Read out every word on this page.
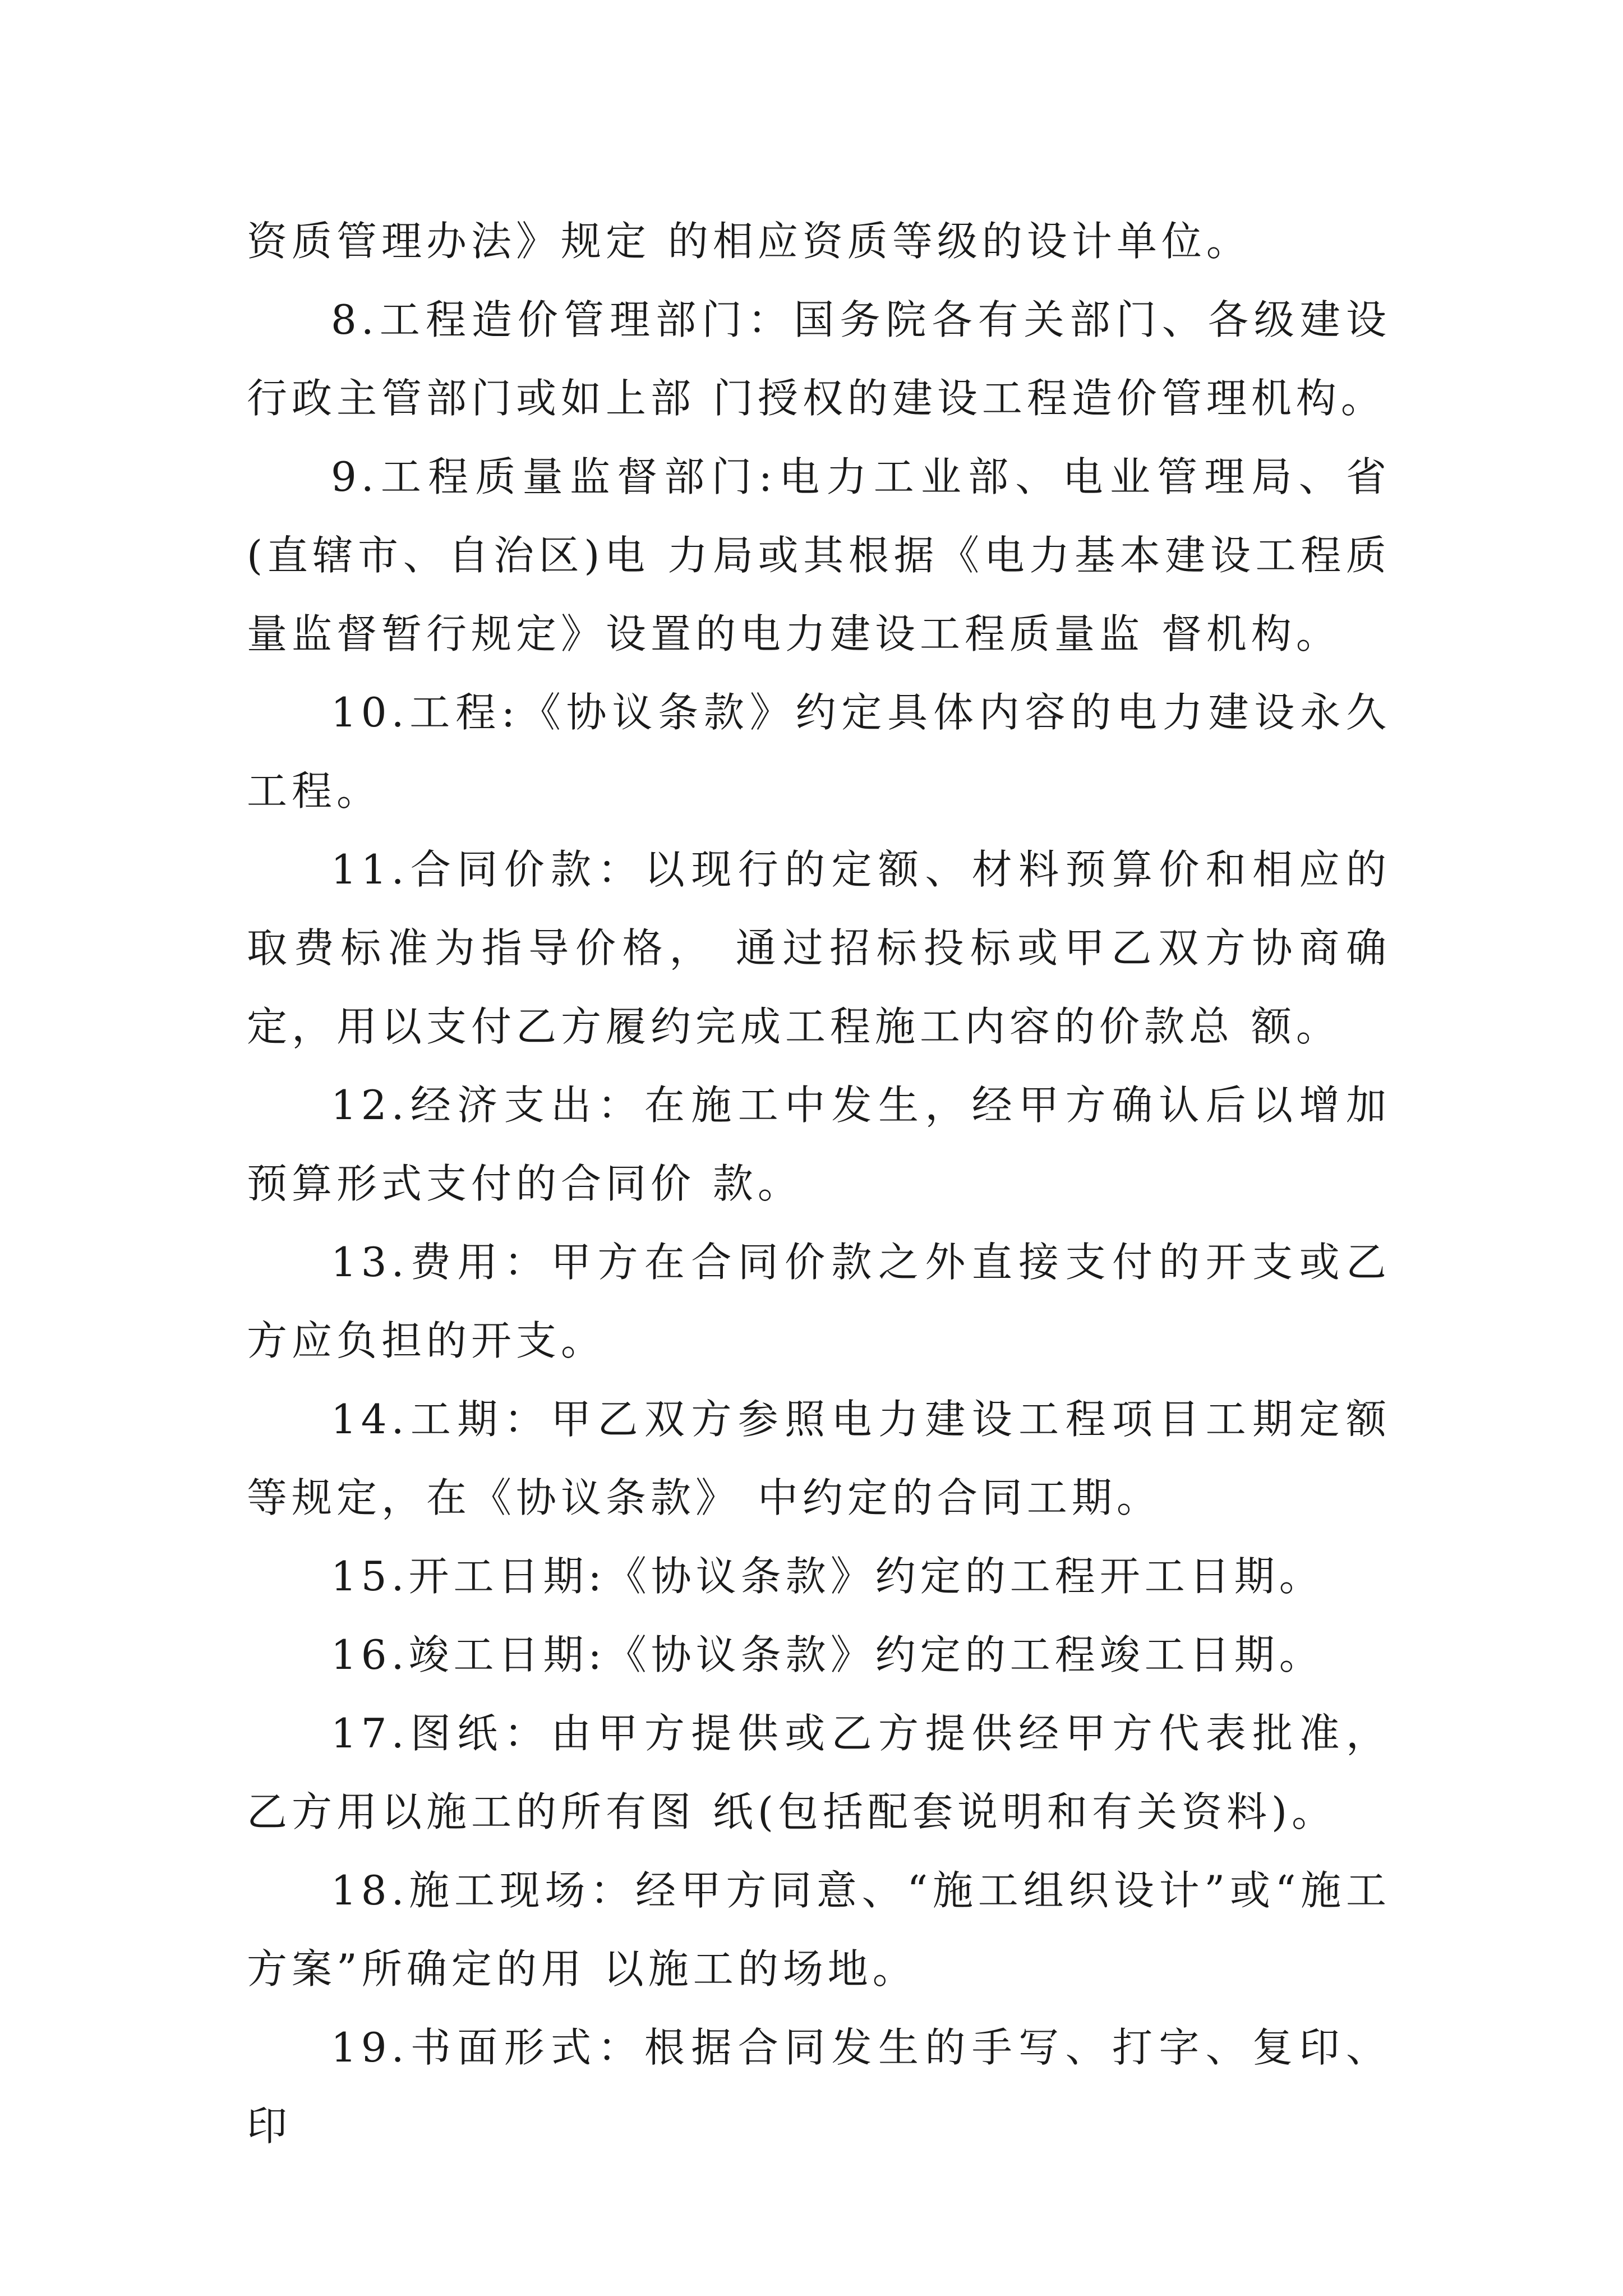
资质管理办法》规定 的相应资质等级的设计单位。

8.工程造价管理部门：国务院各有关部门、各级建设行政主管部门或如上部 门授权的建设工程造价管理机构。

9.工程质量监督部门:电力工业部、电业管理局、省(直辖市、自治区)电 力局或其根据《电力基本建设工程质量监督暂行规定》设置的电力建设工程质量监 督机构。

10.工程:《协议条款》约定具体内容的电力建设永久工程。

11.合同价款：以现行的定额、材料预算价和相应的取费标准为指导价格， 通过招标投标或甲乙双方协商确定，用以支付乙方履约完成工程施工内容的价款总 额。

12.经济支出：在施工中发生，经甲方确认后以增加预算形式支付的合同价 款。

13.费用：甲方在合同价款之外直接支付的开支或乙方应负担的开支。

14.工期：甲乙双方参照电力建设工程项目工期定额等规定，在《协议条款》 中约定的合同工期。

15.开工日期:《协议条款》约定的工程开工日期。

16.竣工日期:《协议条款》约定的工程竣工日期。

17.图纸：由甲方提供或乙方提供经甲方代表批准，乙方用以施工的所有图 纸(包括配套说明和有关资料)。

18.施工现场：经甲方同意、“施工组织设计”或“施工方案”所确定的用 以施工的场地。

19.书面形式：根据合同发生的手写、打字、复印、印
